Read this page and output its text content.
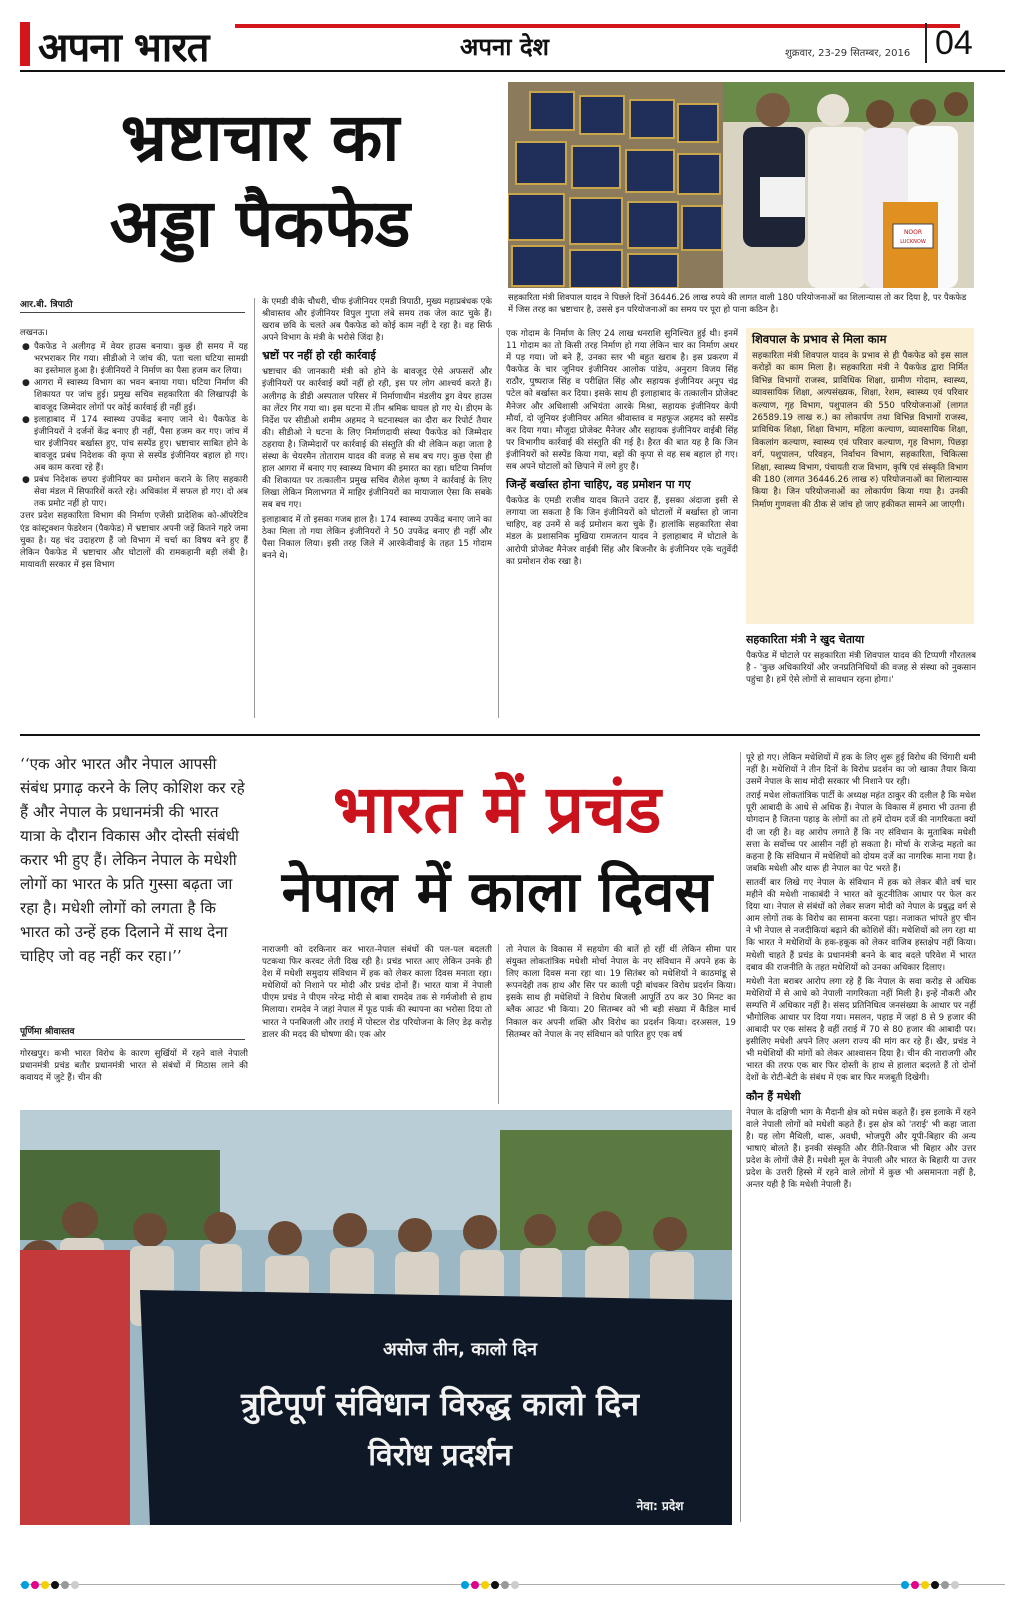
अपना भारत	अपना देश	शुक्रवार, 23-29 सितम्बर, 2016 04
भ्रष्टाचार का
अड्डा पैकफेड	NOOR
LUCKNOW
सहकारिता मंत्री शिवपाल यादव ने पिछले दिनों 36446.26 लाख रुपये की लागत वाली 180 परियोजनाओं का शिलान्यास तो कर दिया है, पर पैकफेड में जिस तरह का भ्रष्टाचार है, उससे इन परियोजनाओं का समय पर पूरा हो पाना कठिन है।
आर.बी. त्रिपाठी

लखनऊ।

● पैकफेड ने अलीगढ़ में वेयर हाउस बनाया। कुछ ही समय में यह भरभराकर गिर गया। सीडीओ ने जांच की, पता चला घटिया सामग्री का इस्तेमाल हुआ है। इंजीनियरों ने निर्माण का पैसा हजम कर लिया।
● आगरा में स्वास्थ्य विभाग का भवन बनाया गया। घटिया निर्माण की शिकायत पर जांच हुई। प्रमुख सचिव सहकारिता की लिखापढ़ी के बावजूद जिम्मेदार लोगों पर कोई कार्रवाई ही नहीं हुई।
● इलाहाबाद में 174 स्वास्थ्य उपकेंद्र बनाए जाने थे। पैकफेड के इंजीनियरों ने दर्जनों केंद्र बनाए ही नहीं, पैसा हजम कर गए। जांच में चार इंजीनियर बर्खास्त हुए, पांच सस्पेंड हुए। भ्रष्टाचार साबित होने के बावजूद प्रबंध निदेशक की कृपा से सस्पेंड इंजीनियर बहाल हो गए। अब काम करवा रहे हैं।
● प्रबंध निदेशक छपरा इंजीनियर का प्रमोशन कराने के लिए सहकारी सेवा मंडल में सिफारिशें करते रहे। अधिकांश में सफल हो गए। दो अब तक प्रमोट नहीं हो पाए।

उत्तर प्रदेश सहकारिता विभाग की निर्माण एजेंसी प्रादेशिक को-ऑपरेटिव एंड कांस्ट्रक्शन फेडरेशन (पैकफेड) में भ्रष्टाचार अपनी जड़ें कितने गहरे जमा चुका है। यह चंद उदाहरण हैं जो विभाग में चर्चा का विषय बने हुए हैं लेकिन पैकफेड में भ्रष्टाचार और घोटालों की रामकहानी बड़ी लंबी है। मायावती सरकार में इस विभाग

के एमडी वीके चौधरी, चीफ इंजीनियर एमडी त्रिपाठी, मुख्य महाप्रबंधक एके श्रीवास्तव और इंजीनियर विपुल गुप्ता लंबे समय तक जेल काट चुके हैं। खराब छवि के चलते अब पैकफेड को कोई काम नहीं दे रहा है। वह सिर्फ अपने विभाग के मंत्री के भरोसे जिंदा है।

भ्रष्टों पर नहीं हो रही कार्रवाई

भ्रष्टाचार की जानकारी मंत्री को होने के बावजूद ऐसे अफसरों और इंजीनियरों पर कार्रवाई क्यों नहीं हो रही, इस पर लोग आश्चर्य करते हैं। अलीगढ़ के डीडी अस्पताल परिसर में निर्माणाधीन मंडलीय ड्रग वेयर हाउस का लेंटर गिर गया था। इस घटना में तीन श्रमिक घायल हो गए थे। डीएम के निर्देश पर सीडीओ शमीम अहमद ने घटनास्थल का दौरा कर रिपोर्ट तैयार की। सीडीओ ने घटना के लिए निर्माणदायी संस्था पैकफेड को जिम्मेदार ठहराया है। जिम्मेदारों पर कार्रवाई की संस्तुति की थी लेकिन कहा जाता है संस्था के चेयरमैन तोताराम यादव की वजह से सब बच गए। कुछ ऐसा ही हाल आगरा में बनाए गए स्वास्थ्य विभाग की इमारत का रहा। घटिया निर्माण की शिकायत पर तत्कालीन प्रमुख सचिव शैलेश कृष्ण ने कार्रवाई के लिए लिखा लेकिन मिलाभगत में माहिर इंजीनियरों का मायाजाल ऐसा कि सबके सब बच गए।

इलाहाबाद में तो इसका गजब हाल है। 174 स्वास्थ्य उपकेंद्र बनाए जाने का ठेका मिला तो गया लेकिन इंजीनियरों ने 50 उपकेंद्र बनाए ही नहीं और पैसा निकाल लिया। इसी तरह जिले में आरकेवीवाई के तहत 15 गोदाम बनने थे।

एक गोदाम के निर्माण के लिए 24 लाख धनराशि सुनिश्चित हुई थी। इनमें 11 गोदाम का तो किसी तरह निर्माण हो गया लेकिन चार का निर्माण अधर में पड़ गया। जो बने हैं, उनका स्तर भी बहुत खराब है। इस प्रकरण में पैकफेड के चार जूनियर इंजीनियर आलोक पांडेय, अनुराग विजय सिंह राठौर, पुष्पराज सिंह व परीक्षित सिंह और सहायक इंजीनियर अनूप चंद्र पटेल को बर्खास्त कर दिया। इसके साथ ही इलाहाबाद के तत्कालीन प्रोजेक्ट मैनेजर और अधिशासी अभियंता आरके मिश्रा, सहायक इंजीनियर केपी मौर्या, दो जूनियर इंजीनियर अमित श्रीवास्तव व महफूज अहमद को सस्पेंड कर दिया गया। मौजूदा प्रोजेक्ट मैनेजर और सहायक इंजीनियर वाईबी सिंह पर विभागीय कार्रवाई की संस्तुति की गई है। हैरत की बात यह है कि जिन इंजीनियरों को सस्पेंड किया गया, बड़ों की कृपा से वह सब बहाल हो गए। सब अपने घोटालों को छिपाने में लगे हुए हैं।

जिन्हें बर्खास्त होना चाहिए, वह प्रमोशन पा गए

पैकफेड के एमडी राजीव यादव कितने उदार हैं, इसका अंदाजा इसी से लगाया जा सकता है कि जिन इंजीनियरों को घोटालों में बर्खास्त हो जाना चाहिए, वह उनमें से कई प्रमोशन करा चुके हैं। हालांकि सहकारिता सेवा मंडल के प्रशासनिक मुखिया रामजतन यादव ने इलाहाबाद में घोटाले के आरोपी प्रोजेक्ट मैनेजर वाईबी सिंह और बिजनौर के इंजीनियर एके चतुर्वेदी का प्रमोशन रोक रखा है।

शिवपाल के प्रभाव से मिला काम
सहकारिता मंत्री शिवपाल यादव के प्रभाव से ही पैकफेड को इस साल करोड़ों का काम मिला है। सहकारिता मंत्री ने पैकफेड द्वारा निर्मित विभिन्न विभागों राजस्व, प्राविधिक शिक्षा, ग्रामीण गोदाम, स्वास्थ्य, व्यावसायिक शिक्षा, अल्पसंख्यक, शिक्षा, रेशम, स्वास्थ्य एवं परिवार कल्याण, गृह विभाग, पशुपालन की 550 परियोजनाओं (लागत 26589.19 लाख रु.) का लोकार्पण तथा विभिन्न विभागों राजस्व, प्राविधिक शिक्षा, शिक्षा विभाग, महिला कल्याण, व्यावसायिक शिक्षा, विकलांग कल्याण, स्वास्थ्य एवं परिवार कल्याण, गृह विभाग, पिछड़ा वर्ग, पशुपालन, परिवहन, निर्वाचन विभाग, सहकारिता, चिकित्सा शिक्षा, स्वास्थ्य विभाग, पंचायती राज विभाग, कृषि एवं संस्कृति विभाग की 180 (लागत 36446.26 लाख रु) परियोजनाओं का शिलान्यास किया है। जिन परियोजनाओं का लोकार्पण किया गया है। उनकी निर्माण गुणवत्ता की ठीक से जांच हो जाए हकीकत सामने आ जाएगी।
सहकारिता मंत्री ने खुद चेताया

पैकफेड में घोटाले पर सहकारिता मंत्री शिवपाल यादव की टिप्पणी गौरतलब है - 'कुछ अधिकारियों और जनप्रतिनिधियों की वजह से संस्था को नुकसान पहुंचा है। हमें ऐसे लोगों से सावधान रहना होगा।'

‘‘एक ओर भारत और नेपाल आपसी संबंध प्रगाढ़ करने के लिए कोशिश कर रहे हैं और नेपाल के प्रधानमंत्री की भारत यात्रा के दौरान विकास और दोस्ती संबंधी करार भी हुए हैं। लेकिन नेपाल के मधेशी लोगों का भारत के प्रति गुस्सा बढ़ता जा रहा है। मधेशी लोगों को लगता है कि भारत को उन्हें हक दिलाने में साथ देना चाहिए जो वह नहीं कर रहा।’’
पूर्णिमा श्रीवास्तव
भारत में प्रचंड
नेपाल में काला दिवस

गोरखपुर। कभी भारत विरोध के कारण सुर्खियों में रहने वाले नेपाली प्रधानमंत्री प्रचंड बतौर प्रधानमंत्री भारत से संबंधों में मिठास लाने की कवायद में जुटे हैं। चीन की

नाराजगी को दरकिनार कर भारत-नेपाल संबंधों की पल-पल बदलती पटकथा फिर करवट लेती दिख रही है। प्रचंड भारत आए लेकिन उनके ही देश में मधेशी समुदाय संविधान में हक को लेकर काला दिवस मनाता रहा। मधेशियों को निशाने पर मोदी और प्रचंड दोनों हैं। भारत यात्रा में नेपाली पीएम प्रचंड ने पीएम नरेन्द्र मोदी से बाबा रामदेव तक से गर्मजोशी से हाथ मिलाया। रामदेव ने जहां नेपाल में फूड पार्क की स्थापना का भरोसा दिया तो भारत ने पनबिजली और तराई में पोस्टल रोड परियोजना के लिए डेढ़ करोड़ डालर की मदद की घोषणा की। एक ओर

तो नेपाल के विकास में सहयोग की बातें हो रहीं थीं लेकिन सीमा पार संयुक्त लोकतांत्रिक मधेशी मोर्चा नेपाल के नए संविधान में अपने हक के लिए काला दिवस मना रहा था। 19 सितंबर को मधेशियों ने काठमांडू से रूपनदेही तक हाथ और सिर पर काली पट्टी बांधकर विरोध प्रदर्शन किया। इसके साथ ही मधेशियों ने विरोध बिजली आपूर्ति ठप कर 30 मिनट का ब्लैक आउट भी किया। 20 सितम्बर को भी बड़ी संख्या में कैंडिल मार्च निकाल कर अपनी शक्ति और विरोध का प्रदर्शन किया। दरअसल, 19 सितम्बर को नेपाल के नए संविधान को पारित हुए एक वर्ष

पूरे हो गए। लेकिन मधेशियों में हक के लिए शुरू हुई विरोध की चिंगारी थमी नहीं है। मधेशियों ने तीन दिनों के विरोध प्रदर्शन का जो खाका तैयार किया उसमें नेपाल के साथ मोदी सरकार भी निशाने पर रही।

तराई मधेश लोकतांत्रिक पार्टी के अध्यक्ष महंत ठाकुर की दलील है कि मधेश पूरी आबादी के आधे से अधिक हैं। नेपाल के विकास में हमारा भी उतना ही योगदान है जितना पहाड़ के लोगों का तो हमें दोयम दर्जे की नागरिकता क्यों दी जा रही है। वह आरोप लगाते हैं कि नए संविधान के मुताबिक मधेशी सत्ता के सर्वोच्च पर आसीन नहीं हो सकता है। मोर्चा के राजेन्द्र महतो का कहना है कि संविधान में मधेशियों को दोयम दर्जे का नागरिक माना गया है। जबकि मधेशी और थारू ही नेपाल का पेट भरते हैं।

सातवीं बार लिखे गए नेपाल के संविधान में हक को लेकर बीते वर्ष चार महीने की मधेशी नाकाबंदी ने भारत को कूटनीतिक आधार पर फेल कर दिया था। नेपाल से संबंधों को लेकर सजग मोदी को नेपाल के प्रबुद्ध वर्ग से आम लोगों तक के विरोध का सामना करना पड़ा। नजाकत भांपते हुए चीन ने भी नेपाल से नजदीकियां बढ़ाने की कोशिशें कीं। मधेशियों को लग रहा था कि भारत ने मधेशियों के हक-हकूक को लेकर वाजिब हस्तक्षेप नहीं किया। मधेशी चाहते हैं प्रचंड के प्रधानमंत्री बनने के बाद बदले परिवेश में भारत दबाव की राजनीति के तहत मधेशियों को उनका अधिकार दिलाए।

मधेशी नेता बराबर आरोप लगा रहे हैं कि नेपाल के सवा करोड़ से अधिक मधेशियों में से आधे को नेपाली नागरिकता नहीं मिली है। इन्हें नौकरी और सम्पत्ति में अधिकार नहीं है। संसद प्रतिनिधित्व जनसंख्या के आधार पर नहीं भौगोलिक आधार पर दिया गया। मसलन, पहाड़ में जहां 8 से 9 हजार की आबादी पर एक सांसद है वहीं तराई में 70 से 80 हजार की आबादी पर। इसीलिए मधेशी अपने लिए अलग राज्य की मांग कर रहे हैं। खैर, प्रचंड ने भी मधेशियों की मांगों को लेकर आश्वासन दिया है। चीन की नाराजगी और भारत की तरफ एक बार फिर दोस्ती के हाथ से हालात बदलते हैं तो दोनों देशों के रोटी-बेटी के संबंध में एक बार फिर मजबूती दिखेगी।

कौन हैं मधेशी

नेपाल के दक्षिणी भाग के मैदानी क्षेत्र को मधेस कहते हैं। इस इलाके में रहने वाले नेपाली लोगों को मधेशी कहते हैं। इस क्षेत्र को 'तराई' भी कहा जाता है। यह लोग मैथिली, थारू, अवधी, भोजपुरी और यूपी-बिहार की अन्य भाषाएं बोलते हैं। इनकी संस्कृति और रीति-रिवाज भी बिहार और उत्तर प्रदेश के लोगों जैसे हैं। मधेशी मूल के नेपाली और भारत के बिहारी या उत्तर प्रदेश के उत्तरी हिस्से में रहने वाले लोगों में कुछ भी असमानता नहीं है, अन्तर यही है कि मधेशी नेपाली हैं।

असोज तीन, कालो दिन
त्रुटिपूर्ण संविधान विरुद्ध कालो दिन
विरोध प्रदर्शन
नेवा: प्रदेश
